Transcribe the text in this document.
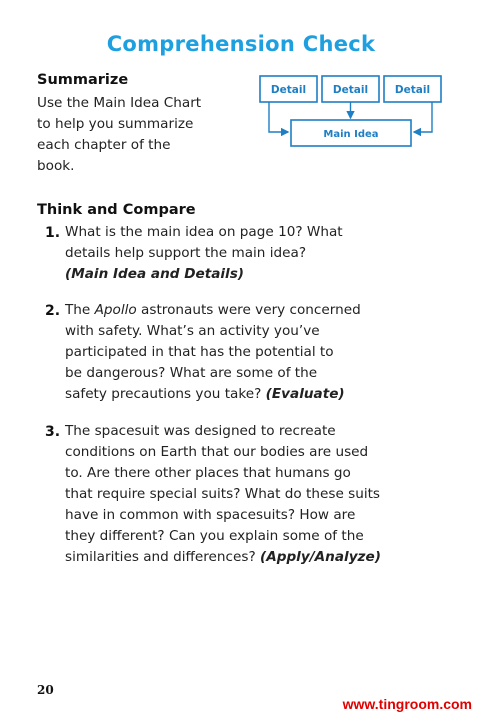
Comprehension Check
Summarize

Use the Main Idea Chart

to help you summarize

each chapter of the

book.

Detail	Detail	Detail
Main Idea
Think and Compare
1. What is the main idea on page 10? What

details help support the main idea?

(Main Idea and Details)

2. The Apollo astronauts were very concerned

with safety. What’s an activity you’ve

participated in that has the potential to

be dangerous? What are some of the

safety precautions you take? (Evaluate)

3. The spacesuit was designed to recreate

conditions on Earth that our bodies are used

to. Are there other places that humans go

that require special suits? What do these suits

have in common with spacesuits? How are

they different? Can you explain some of the

similarities and differences? (Apply/Analyze)

20
www.tingroom.com
